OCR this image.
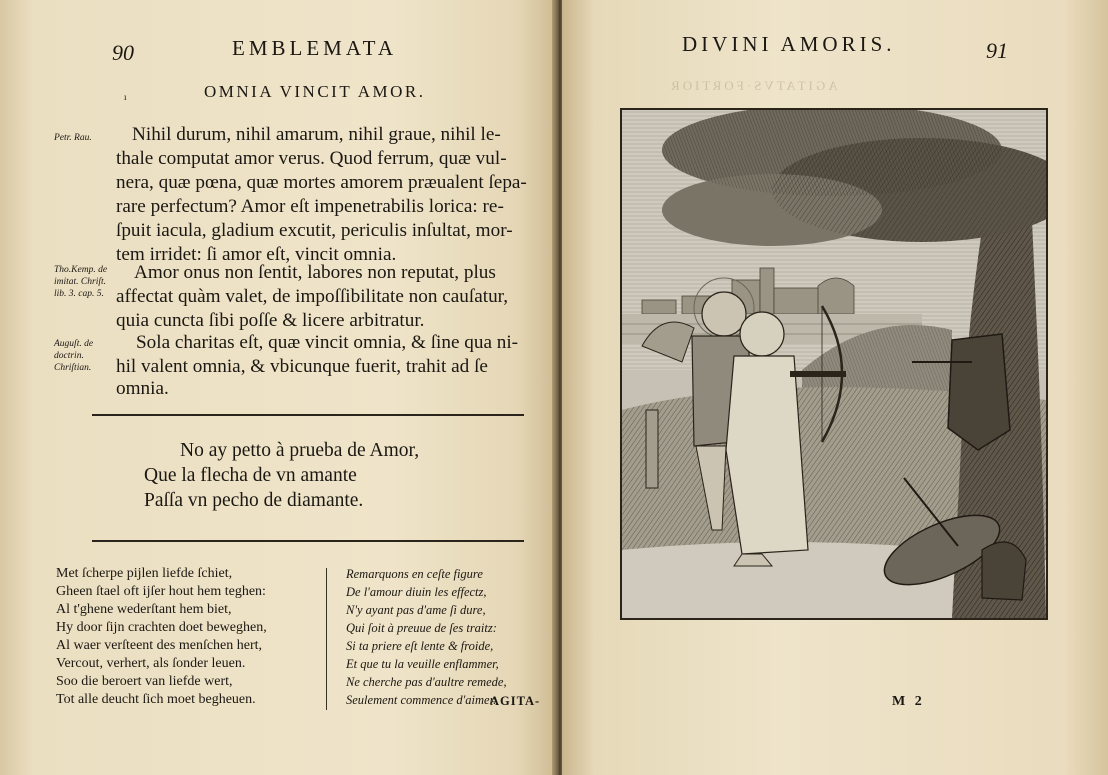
90	EMBLEMATA
ı	OMNIA VINCIT AMOR.
Petr. Rau.
Tho.Kemp. de imitat. Chriſt. lib. 3. cap. 5.
Auguſt. de doctrin. Chriſtian.
Nihil durum, nihil amarum, nihil graue, nihil le-
thale computat amor verus. Quod ferrum, quæ vul-
nera, quæ pœna, quæ mortes amorem præualent ſepa-
rare perfectum? Amor eſt impenetrabilis lorica: re-
ſpuit iacula, gladium excutit, periculis inſultat, mor-
tem irridet: ſi amor eſt, vincit omnia.
Amor onus non ſentit, labores non reputat, plus
affectat quàm valet, de impoſſibilitate non cauſatur,
quia cuncta ſibi poſſe & licere arbitratur.
Sola charitas eſt, quæ vincit omnia, & ſine qua ni-
hil valent omnia, & vbicunque fuerit, trahit ad ſe
omnia.
No ay petto à prueba de Amor,
Que la flecha de vn amante
Paſſa vn pecho de diamante.
Met ſcherpe pijlen liefde ſchiet,
Gheen ſtael oft ijſer hout hem teghen:
Al t'ghene wederſtant hem biet,
Hy door ſijn crachten doet beweghen,
Al waer verſteent des menſchen hert,
Vercout, verhert, als ſonder leuen.
Soo die beroert van liefde wert,
Tot alle deucht ſich moet begheuen.
Remarquons en ceſte figure
De l'amour diuin les effectz,
N'y ayant pas d'ame ſi dure,
Qui ſoit à preuue de ſes traitz:
Si ta priere eſt lente & froide,
Et que tu la veuille enflammer,
Ne cherche pas d'aultre remede,
Seulement commence d'aimer.
AGITA-
AGITATVS·FORTIOR
DIVINI AMORIS.	91
M 2
